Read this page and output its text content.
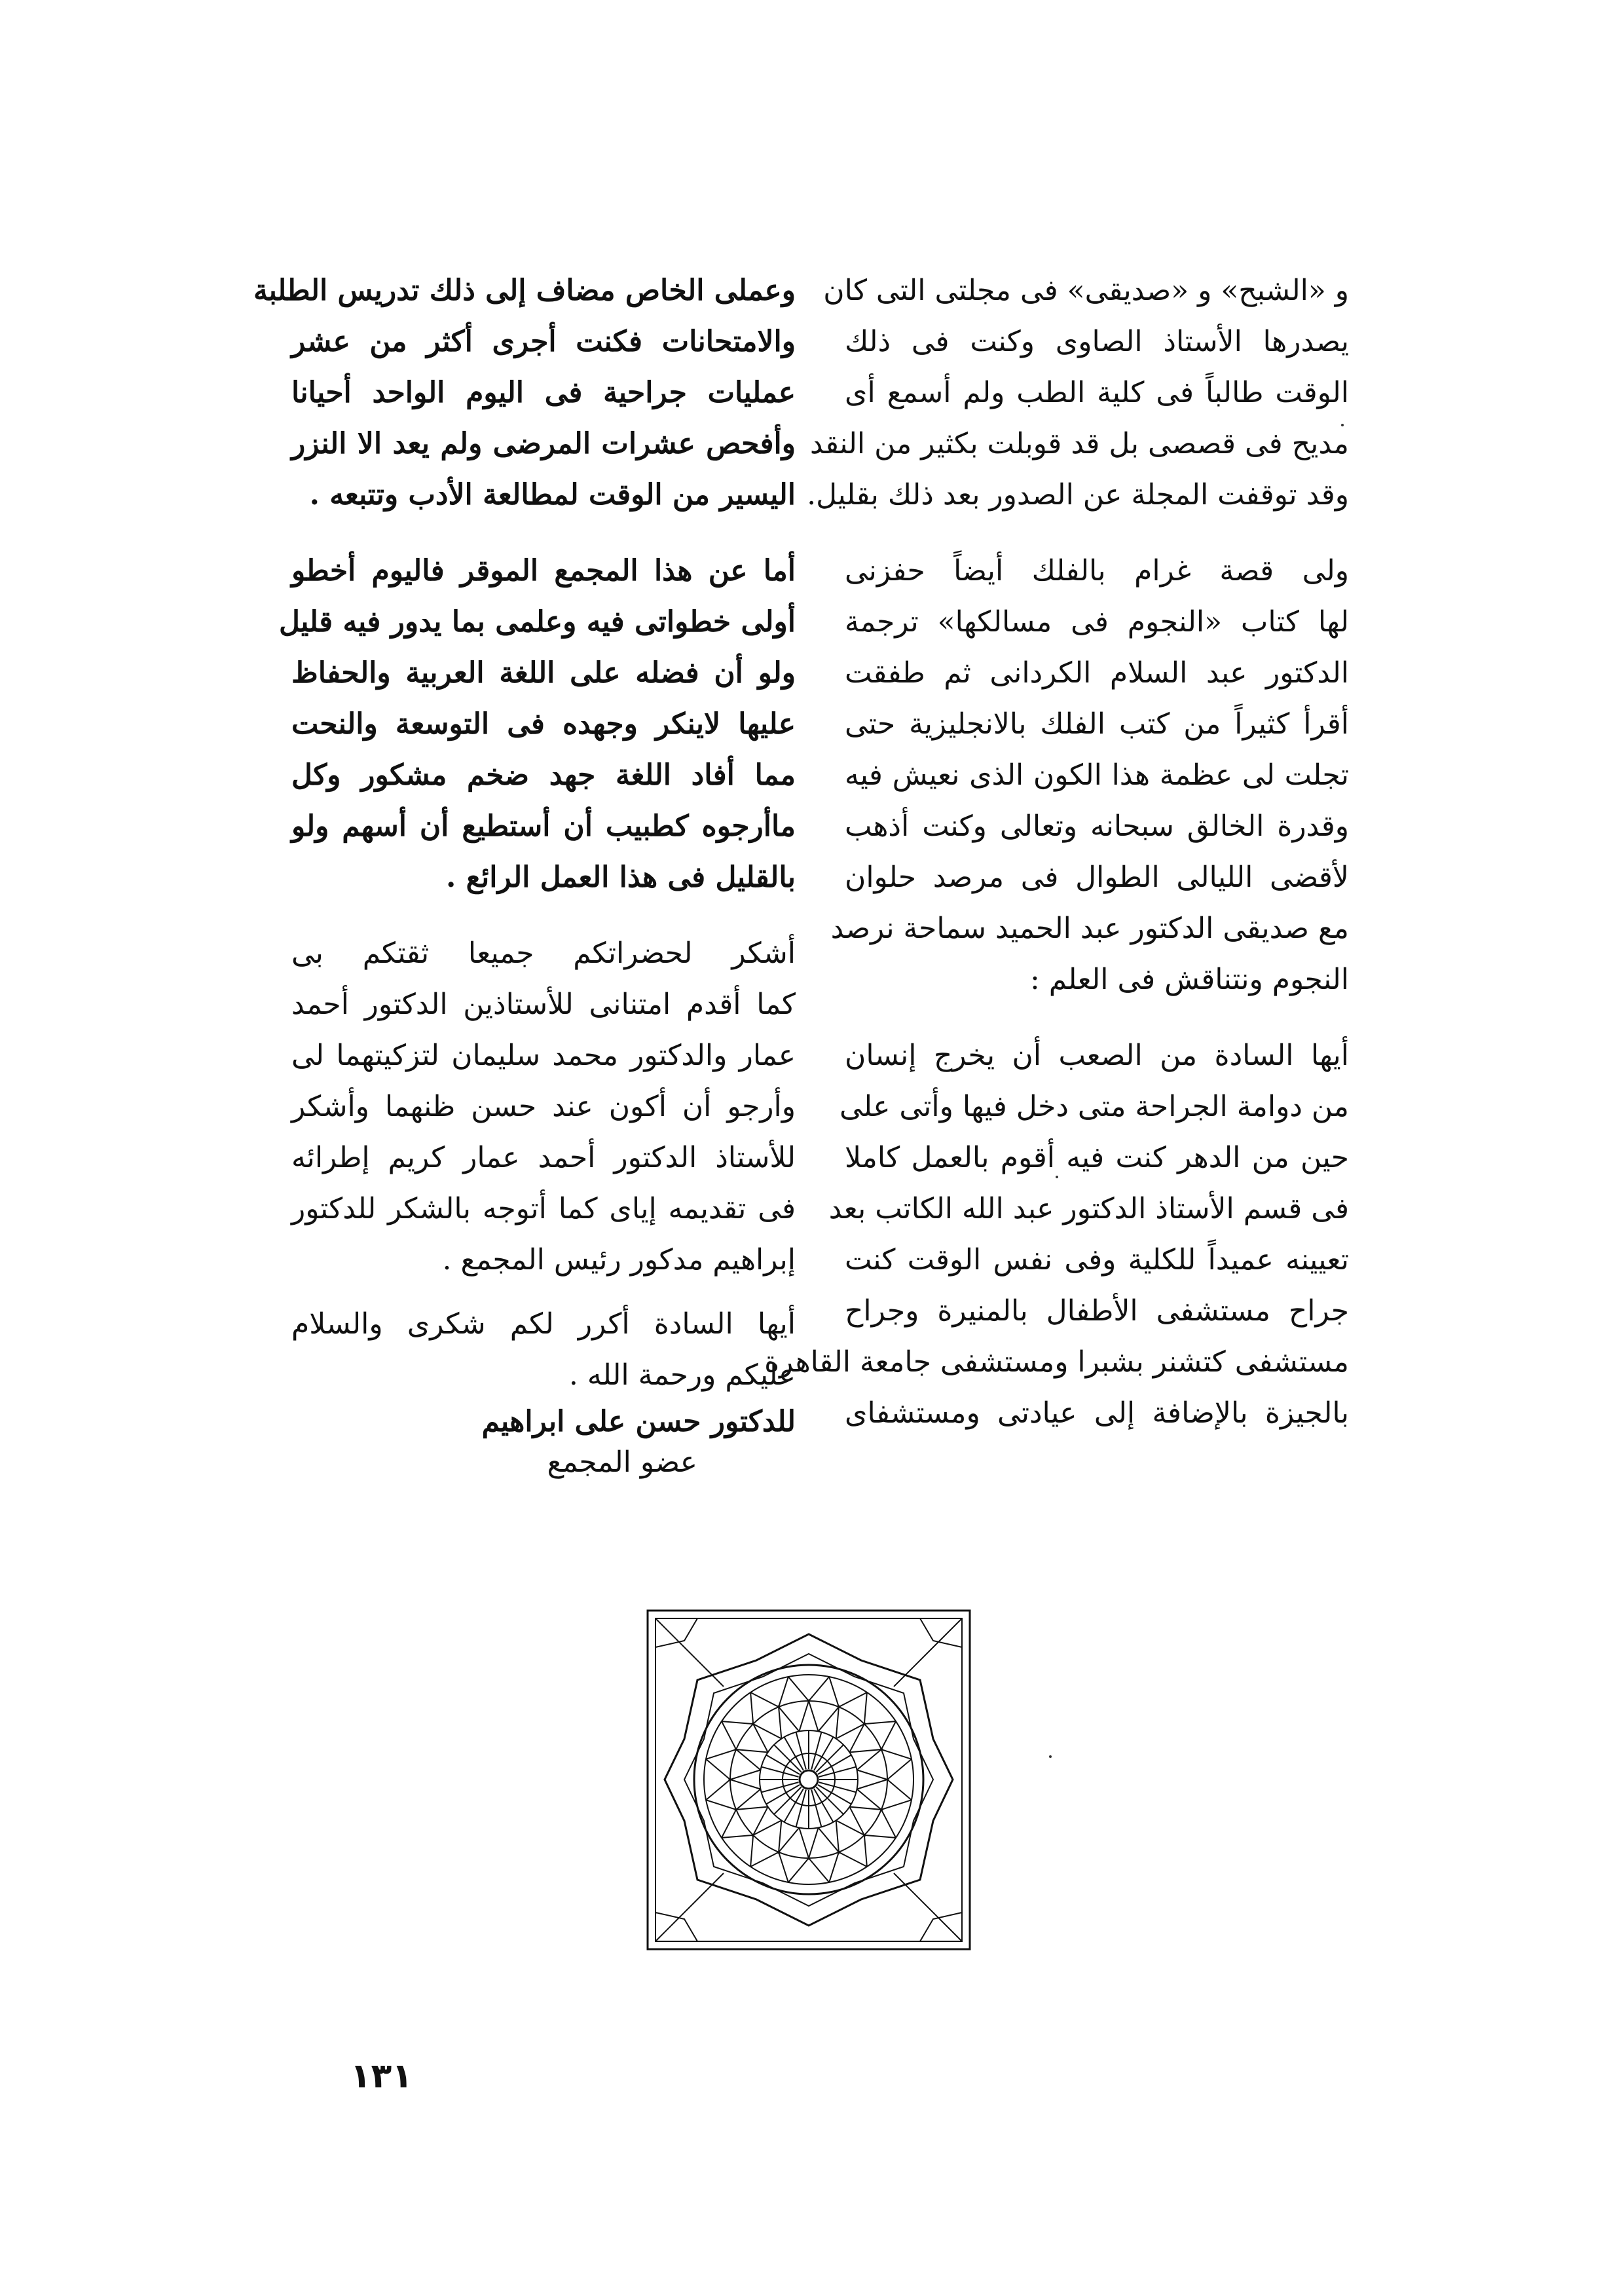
و «الشبح» و «صديقى» فى مجلتى التى كان
يصدرها الأستاذ الصاوى وكنت فى ذلك
الوقت طالباً فى كلية الطب ولم أسمع أى
مديح فى قصصى بل قد قوبلت بكثير من النقد
وقد توقفت المجلة عن الصدور بعد ذلك بقليل.
ولى قصة غرام بالفلك أيضاً حفزنى
لها كتاب «النجوم فى مسالكها» ترجمة
الدكتور عبد السلام الكردانى ثم طفقت
أقرأ كثيراً من كتب الفلك بالانجليزية حتى
تجلت لى عظمة هذا الكون الذى نعيش فيه
وقدرة الخالق سبحانه وتعالى وكنت أذهب
لأقضى الليالى الطوال فى مرصد حلوان
مع صديقى الدكتور عبد الحميد سماحة نرصد
النجوم ونتناقش فى العلم :
أيها السادة من الصعب أن يخرج إنسان
من دوامة الجراحة متى دخل فيها وأتى على
حين من الدهر كنت فيه أقوم بالعمل كاملا
فى قسم الأستاذ الدكتور عبد الله الكاتب بعد
تعيينه عميداً للكلية وفى نفس الوقت كنت
جراح مستشفى الأطفال بالمنيرة وجراح
مستشفى كتشنر بشبرا ومستشفى جامعة القاهرة
بالجيزة بالإضافة إلى عيادتى ومستشفاى
وعملى الخاص مضاف إلى ذلك تدريس الطلبة
والامتحانات فكنت أجرى أكثر من عشر
عمليات جراحية فى اليوم الواحد أحيانا
وأفحص عشرات المرضى ولم يعد الا النزر
اليسير من الوقت لمطالعة الأدب وتتبعه .
أما عن هذا المجمع الموقر فاليوم أخطو
أولى خطواتى فيه وعلمى بما يدور فيه قليل
ولو أن فضله على اللغة العربية والحفاظ
عليها لاينكر وجهده فى التوسعة والنحت
مما أفاد اللغة جهد ضخم مشكور وكل
ماأرجوه كطبيب أن أستطيع أن أسهم ولو
بالقليل فى هذا العمل الرائع .
أشكر لحضراتكم جميعا ثقتكم بى
كما أقدم امتنانى للأستاذين الدكتور أحمد
عمار والدكتور محمد سليمان لتزكيتهما لى
وأرجو أن أكون عند حسن ظنهما وأشكر
للأستاذ الدكتور أحمد عمار كريم إطرائه
فى تقديمه إياى كما أتوجه بالشكر للدكتور
إبراهيم مدكور رئيس المجمع .
أيها السادة أكرر لكم شكرى والسلام
عليكم ورحمة الله .
للدكتور حسن على ابراهيم
عضو المجمع
١٣١
